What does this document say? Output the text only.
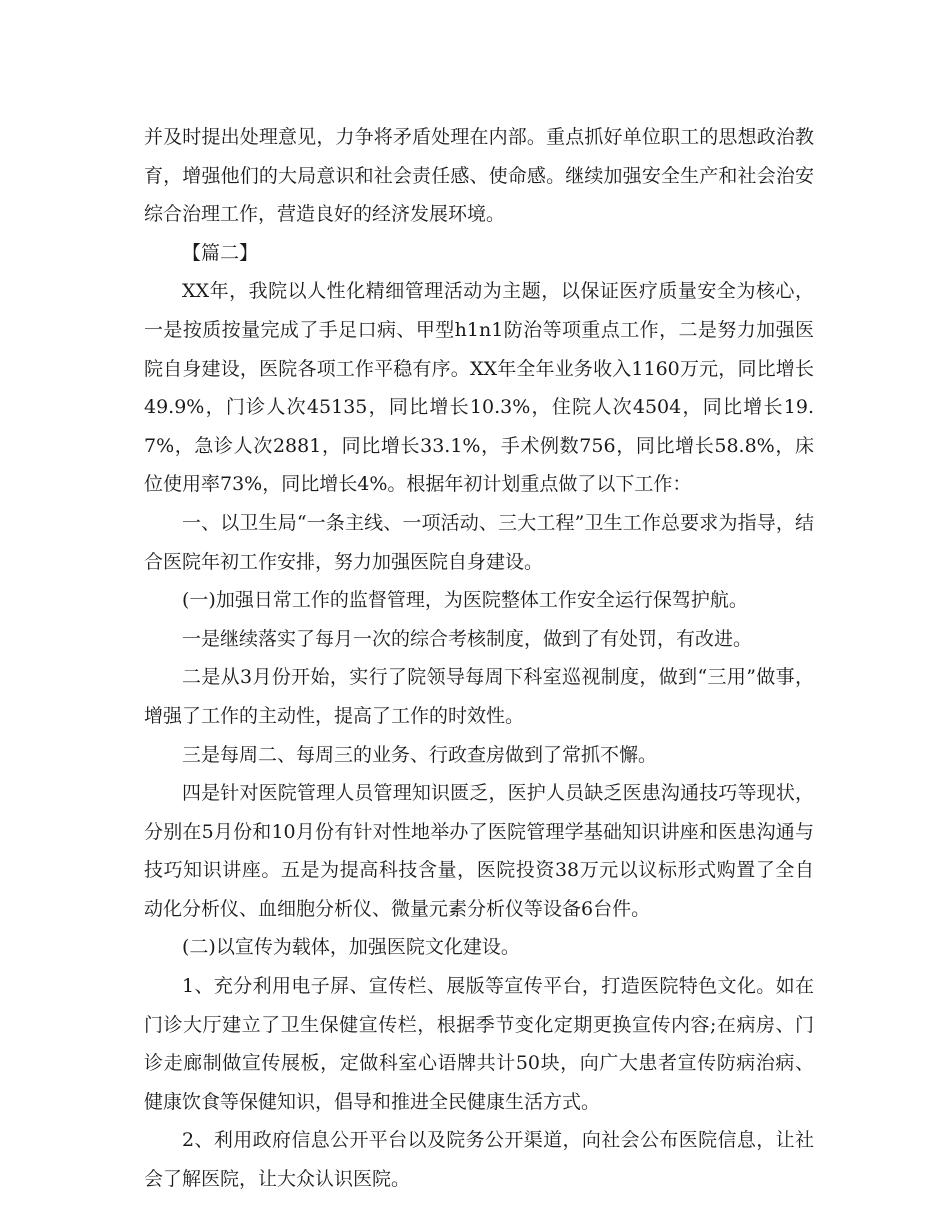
并及时提出处理意见，力争将矛盾处理在内部。重点抓好单位职工的思想政治教育，增强他们的大局意识和社会责任感、使命感。继续加强安全生产和社会治安综合治理工作，营造良好的经济发展环境。

【篇二】

XX年，我院以人性化精细管理活动为主题，以保证医疗质量安全为核心，一是按质按量完成了手足口病、甲型h1n1防治等项重点工作，二是努力加强医院自身建设，医院各项工作平稳有序。XX年全年业务收入1160万元，同比增长49.9%，门诊人次45135，同比增长10.3%，住院人次4504，同比增长19.7%，急诊人次2881，同比增长33.1%，手术例数756，同比增长58.8%，床位使用率73%，同比增长4%。根据年初计划重点做了以下工作：

一、以卫生局“一条主线、一项活动、三大工程”卫生工作总要求为指导，结合医院年初工作安排，努力加强医院自身建设。

(一)加强日常工作的监督管理，为医院整体工作安全运行保驾护航。

一是继续落实了每月一次的综合考核制度，做到了有处罚，有改进。

二是从3月份开始，实行了院领导每周下科室巡视制度，做到“三用”做事，增强了工作的主动性，提高了工作的时效性。

三是每周二、每周三的业务、行政查房做到了常抓不懈。

四是针对医院管理人员管理知识匮乏，医护人员缺乏医患沟通技巧等现状，分别在5月份和10月份有针对性地举办了医院管理学基础知识讲座和医患沟通与技巧知识讲座。五是为提高科技含量，医院投资38万元以议标形式购置了全自动化分析仪、血细胞分析仪、微量元素分析仪等设备6台件。

(二)以宣传为载体，加强医院文化建设。

1、充分利用电子屏、宣传栏、展版等宣传平台，打造医院特色文化。如在门诊大厅建立了卫生保健宣传栏，根据季节变化定期更换宣传内容;在病房、门诊走廊制做宣传展板，定做科室心语牌共计50块，向广大患者宣传防病治病、健康饮食等保健知识，倡导和推进全民健康生活方式。

2、利用政府信息公开平台以及院务公开渠道，向社会公布医院信息，让社会了解医院，让大众认识医院。
